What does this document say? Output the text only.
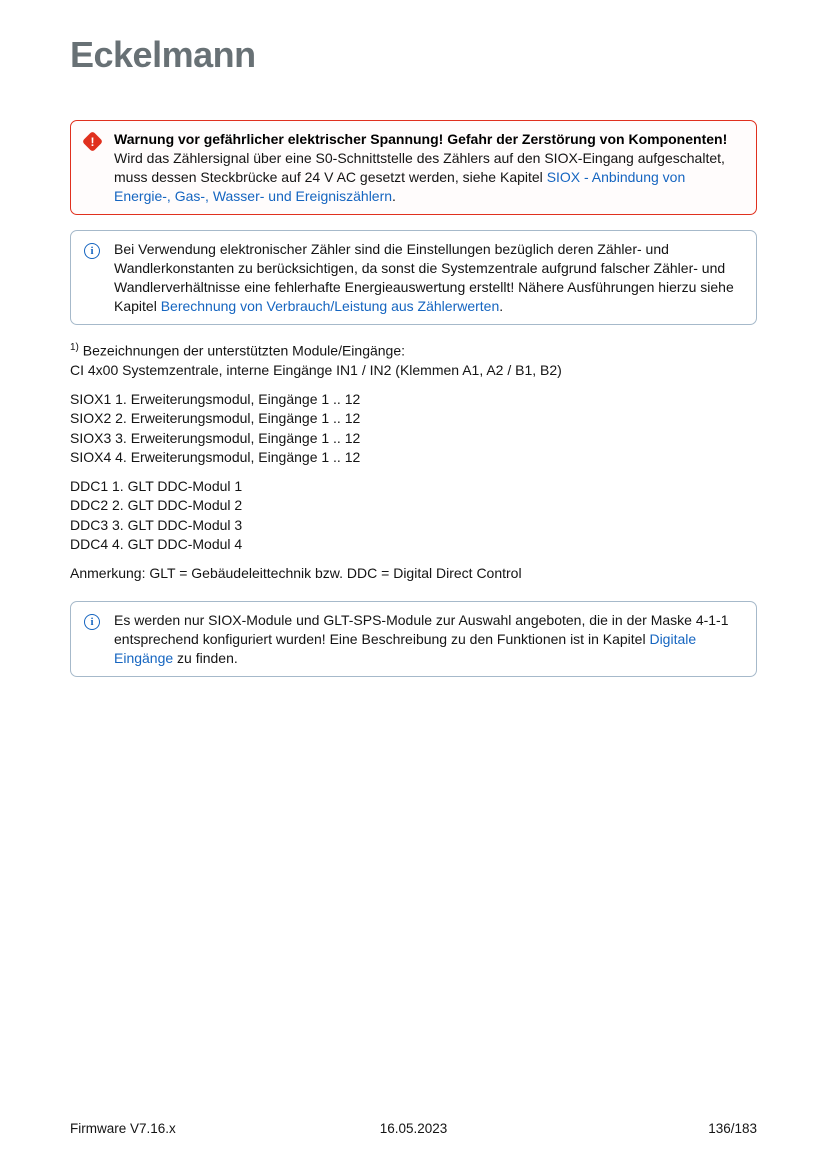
Eckelmann
! Warnung vor gefährlicher elektrischer Spannung! Gefahr der Zerstörung von Komponenten!
Wird das Zählersignal über eine S0-Schnittstelle des Zählers auf den SIOX-Eingang aufgeschaltet, muss dessen Steckbrücke auf 24 V AC gesetzt werden, siehe Kapitel SIOX - Anbindung von Energie-, Gas-, Wasser- und Ereigniszählern.
i Bei Verwendung elektronischer Zähler sind die Einstellungen bezüglich deren Zähler- und Wandlerkonstanten zu berücksichtigen, da sonst die Systemzentrale aufgrund falscher Zähler- und Wandlerverhältnisse eine fehlerhafte Energieauswertung erstellt! Nähere Ausführungen hierzu siehe Kapitel Berechnung von Verbrauch/Leistung aus Zählerwerten.
$^{1)}$ Bezeichnungen der unterstützten Module/Eingänge:
CI 4x00 Systemzentrale, interne Eingänge IN1 / IN2 (Klemmen A1, A2 / B1, B2)
SIOX1 1. Erweiterungsmodul, Eingänge 1 .. 12
SIOX2 2. Erweiterungsmodul, Eingänge 1 .. 12
SIOX3 3. Erweiterungsmodul, Eingänge 1 .. 12
SIOX4 4. Erweiterungsmodul, Eingänge 1 .. 12
DDC1 1. GLT DDC-Modul 1
DDC2 2. GLT DDC-Modul 2
DDC3 3. GLT DDC-Modul 3
DDC4 4. GLT DDC-Modul 4
Anmerkung: GLT = Gebäudeleittechnik bzw. DDC = Digital Direct Control
i Es werden nur SIOX-Module und GLT-SPS-Module zur Auswahl angeboten, die in der Maske 4-1-1 entsprechend konfiguriert wurden! Eine Beschreibung zu den Funktionen ist in Kapitel Digitale Eingänge zu finden.
Firmware V7.16.x	16.05.2023	136/183
